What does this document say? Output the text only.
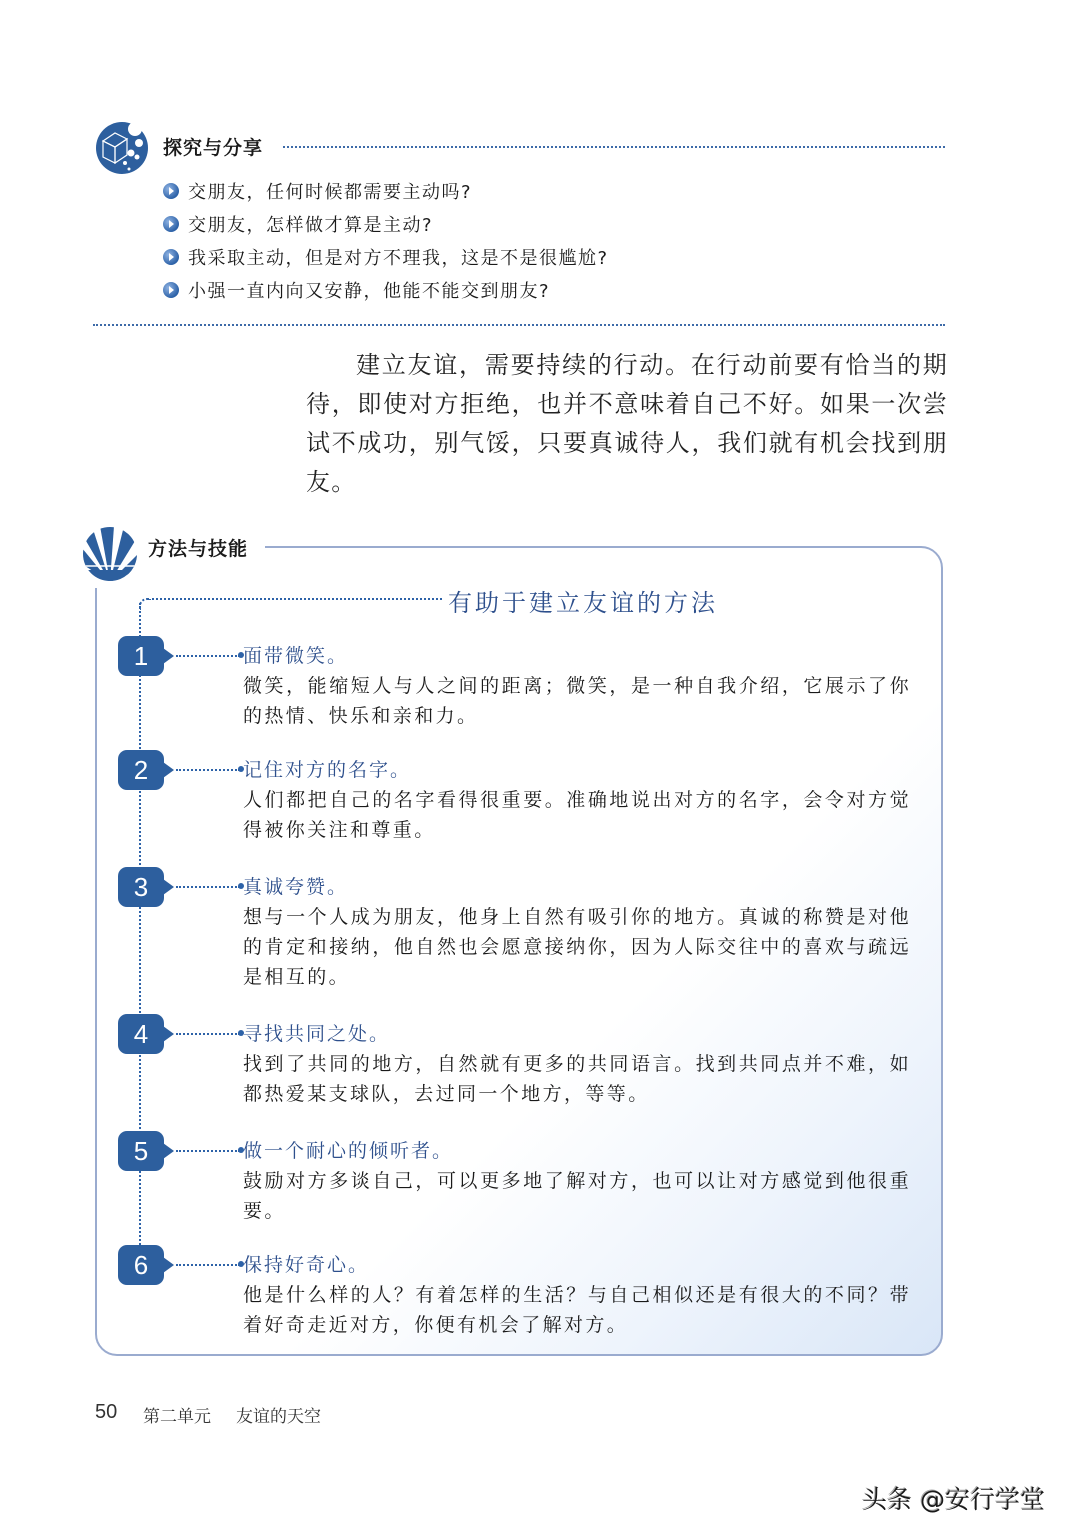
探究与分享
交朋友，任何时候都需要主动吗?
交朋友，怎样做才算是主动?
我采取主动，但是对方不理我，这是不是很尴尬?
小强一直内向又安静，他能不能交到朋友?

建立友谊，需要持续的行动。在行动前要有恰当的期待，即使对方拒绝，也并不意味着自己不好。如果一次尝试不成功，别气馁，只要真诚待人，我们就有机会找到朋友。

方法与技能
有助于建立友谊的方法
1	面带微笑。

微笑，能缩短人与人之间的距离；微笑，是一种自我介绍，它展示了你的热情、快乐和亲和力。

2	记住对方的名字。

人们都把自己的名字看得很重要。准确地说出对方的名字，会令对方觉得被你关注和尊重。

3	真诚夸赞。

想与一个人成为朋友，他身上自然有吸引你的地方。真诚的称赞是对他的肯定和接纳，他自然也会愿意接纳你，因为人际交往中的喜欢与疏远是相互的。

4	寻找共同之处。

找到了共同的地方，自然就有更多的共同语言。找到共同点并不难，如都热爱某支球队，去过同一个地方，等等。

5	做一个耐心的倾听者。

鼓励对方多谈自己，可以更多地了解对方，也可以让对方感觉到他很重要。

6	保持好奇心。

他是什么样的人？有着怎样的生活？与自己相似还是有很大的不同？带着好奇走近对方，你便有机会了解对方。

50 第二单元 友谊的天空
头条 @安行学堂
